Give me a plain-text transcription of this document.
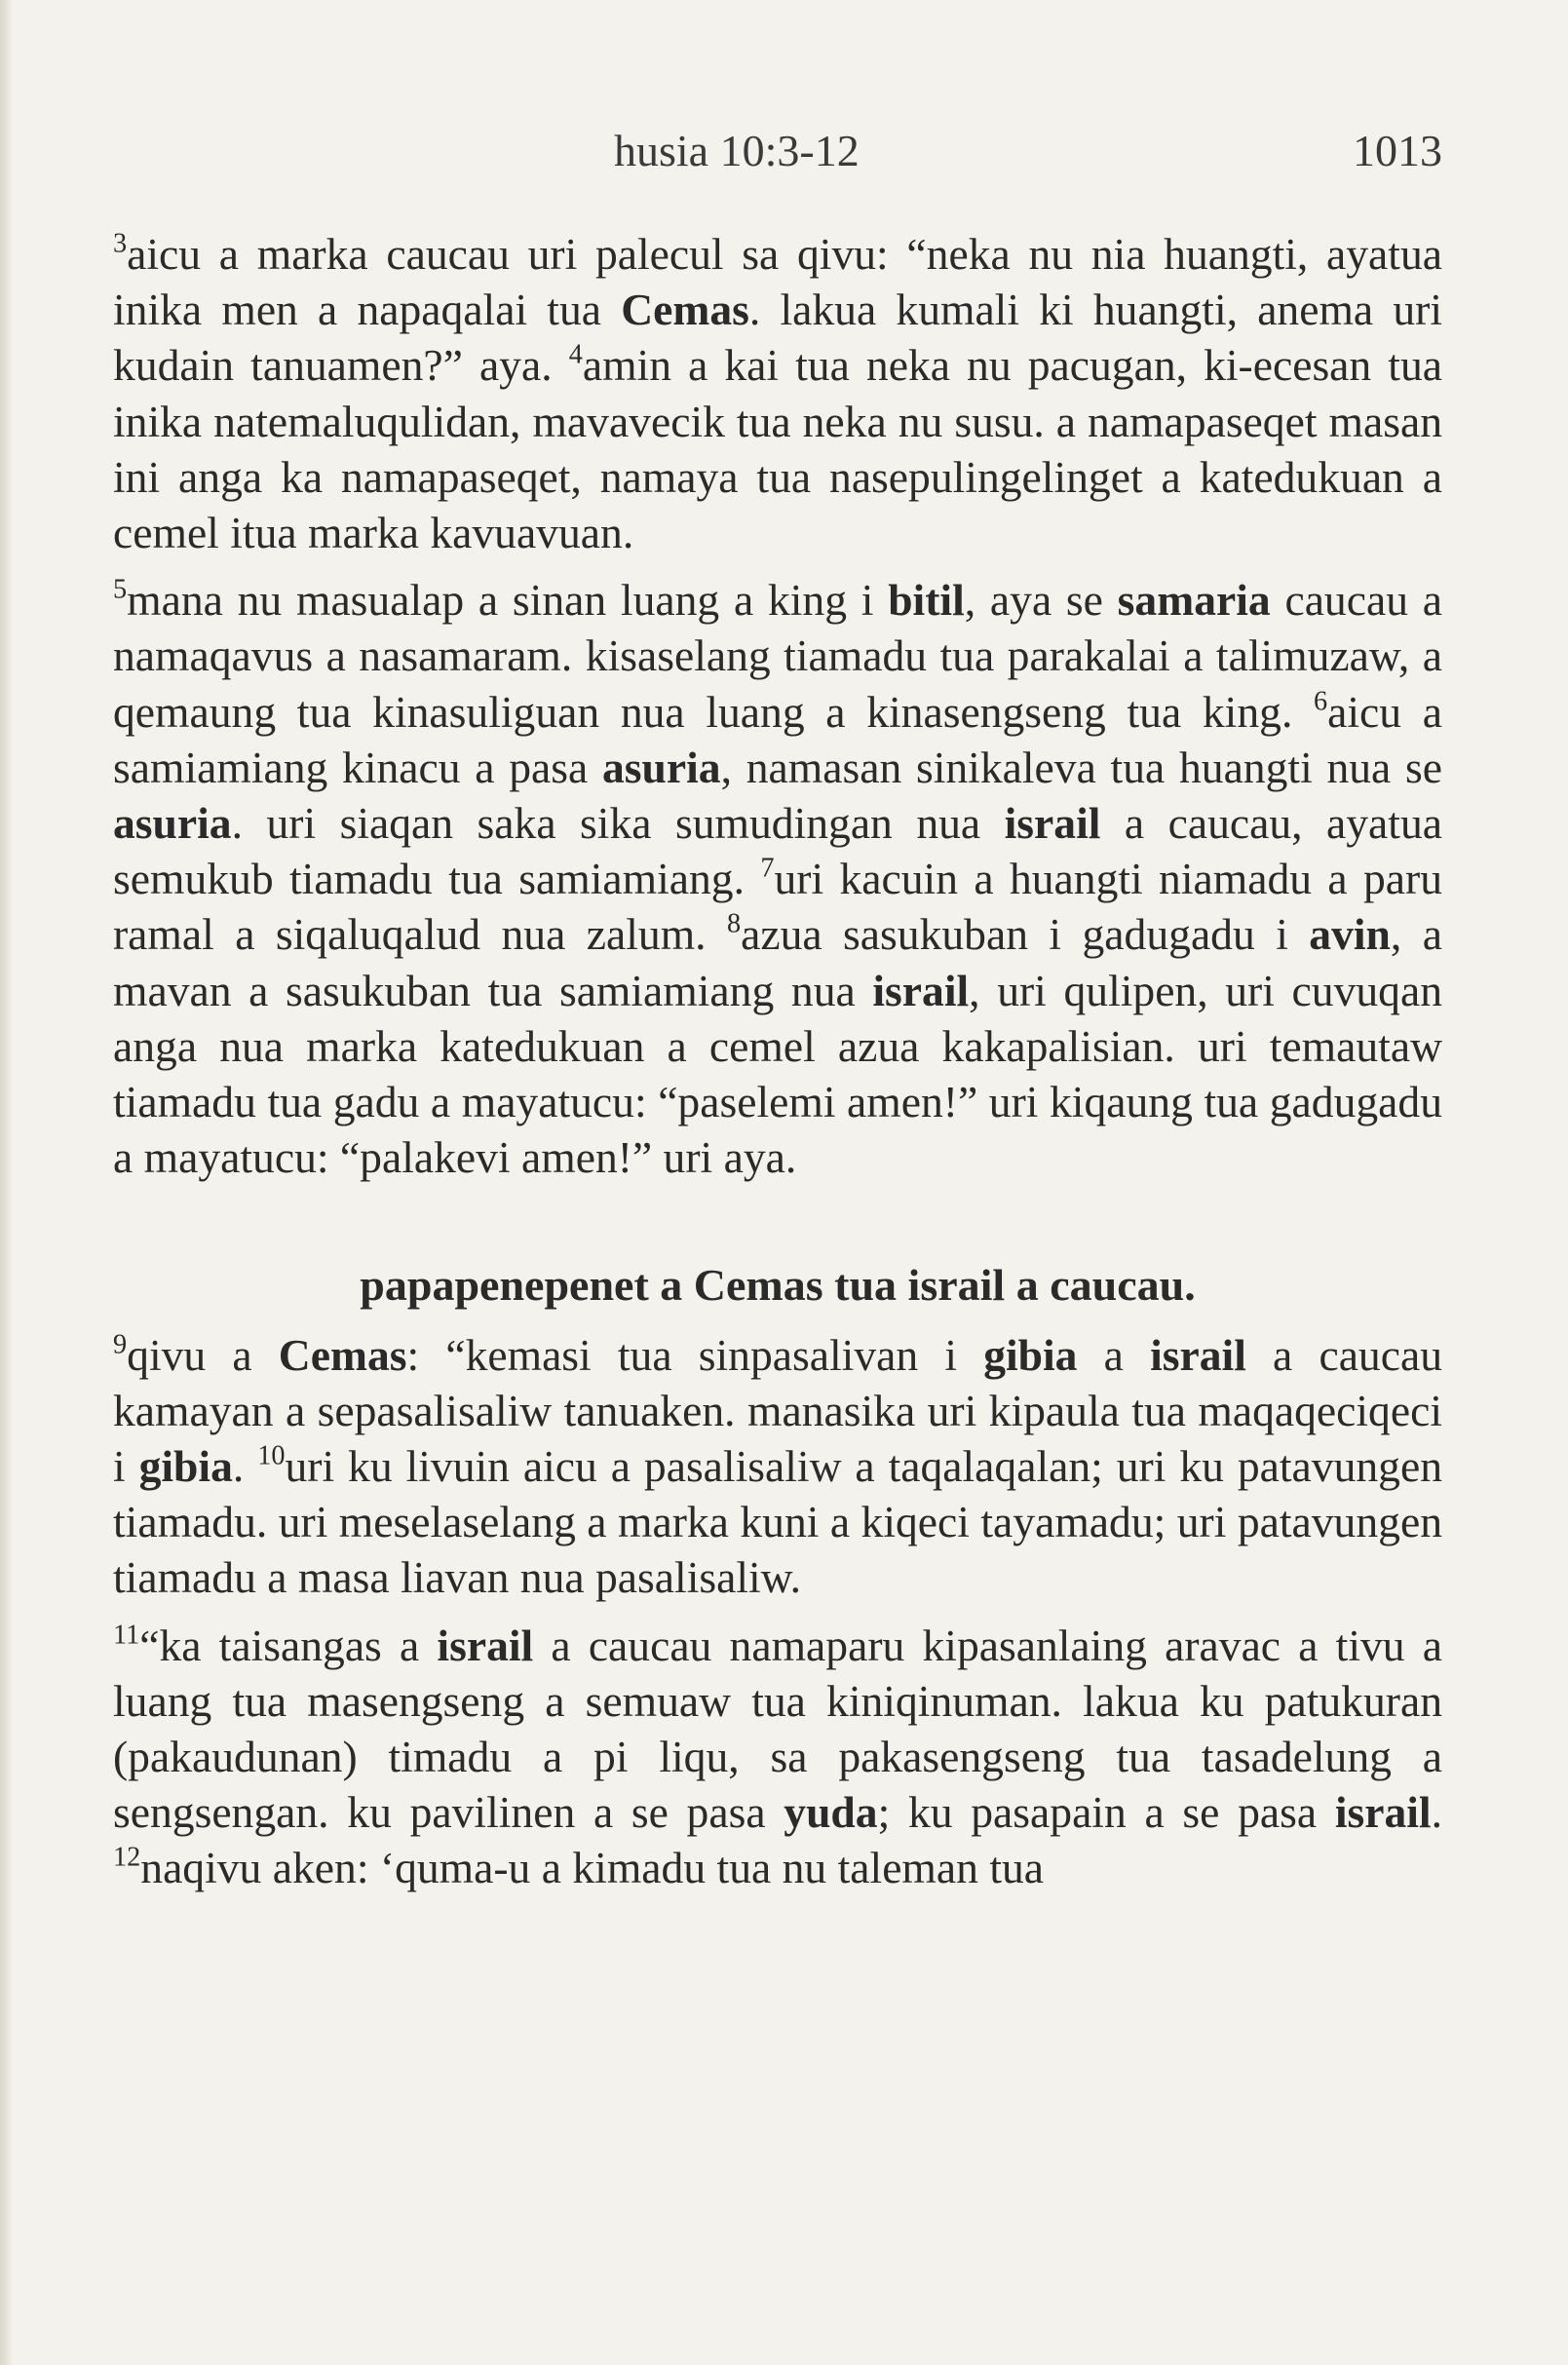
husia 10:3-12	1013

$^3$aicu a marka caucau uri palecul sa qivu: “neka nu nia huangti, ayatua inika men a napaqalai tua Cemas. lakua kumali ki huangti, anema uri kudain tanuamen?” aya. $^4$amin a kai tua neka nu pacugan, ki-ecesan tua inika natemaluqulidan, mavavecik tua neka nu susu. a namapaseqet masan ini anga ka namapaseqet, namaya tua nasepulingelinget a katedukuan a cemel itua marka kavuavuan.

$^5$mana nu masualap a sinan luang a king i bitil, aya se samaria caucau a namaqavus a nasamaram. kisaselang tiamadu tua parakalai a talimuzaw, a qemaung tua kinasuliguan nua luang a kinasengseng tua king. $^6$aicu a samiamiang kinacu a pasa asuria, namasan sinikaleva tua huangti nua se asuria. uri siaqan saka sika sumudingan nua israil a caucau, ayatua semukub tiamadu tua samiamiang. $^7$uri kacuin a huangti niamadu a paru ramal a siqaluqalud nua zalum. $^8$azua sasukuban i gadugadu i avin, a mavan a sasukuban tua samiamiang nua israil, uri qulipen, uri cuvuqan anga nua marka katedukuan a cemel azua kakapalisian. uri temautaw tiamadu tua gadu a mayatucu: “paselemi amen!” uri kiqaung tua gadugadu a mayatucu: “palakevi amen!” uri aya.

papapenepenet a Cemas tua israil a caucau.

$^9$qivu a Cemas: “kemasi tua sinpasalivan i gibia a israil a caucau kamayan a sepasalisaliw tanuaken. manasika uri kipaula tua maqaqeciqeci i gibia. $^{10}$uri ku livuin aicu a pasalisaliw a taqalaqalan; uri ku patavungen tiamadu. uri meselaselang a marka kuni a kiqeci tayamadu; uri patavungen tiamadu a masa liavan nua pasalisaliw.

$^{11}$“ka taisangas a israil a caucau namaparu kipasanlaing aravac a tivu a luang tua masengseng a semuaw tua kiniqinuman. lakua ku patukuran (pakaudunan) timadu a pi liqu, sa pakasengseng tua tasadelung a sengsengan. ku pavilinen a se pasa yuda; ku pasapain a se pasa israil. $^{12}$naqivu aken: ‘quma-u a kimadu tua nu taleman tua
